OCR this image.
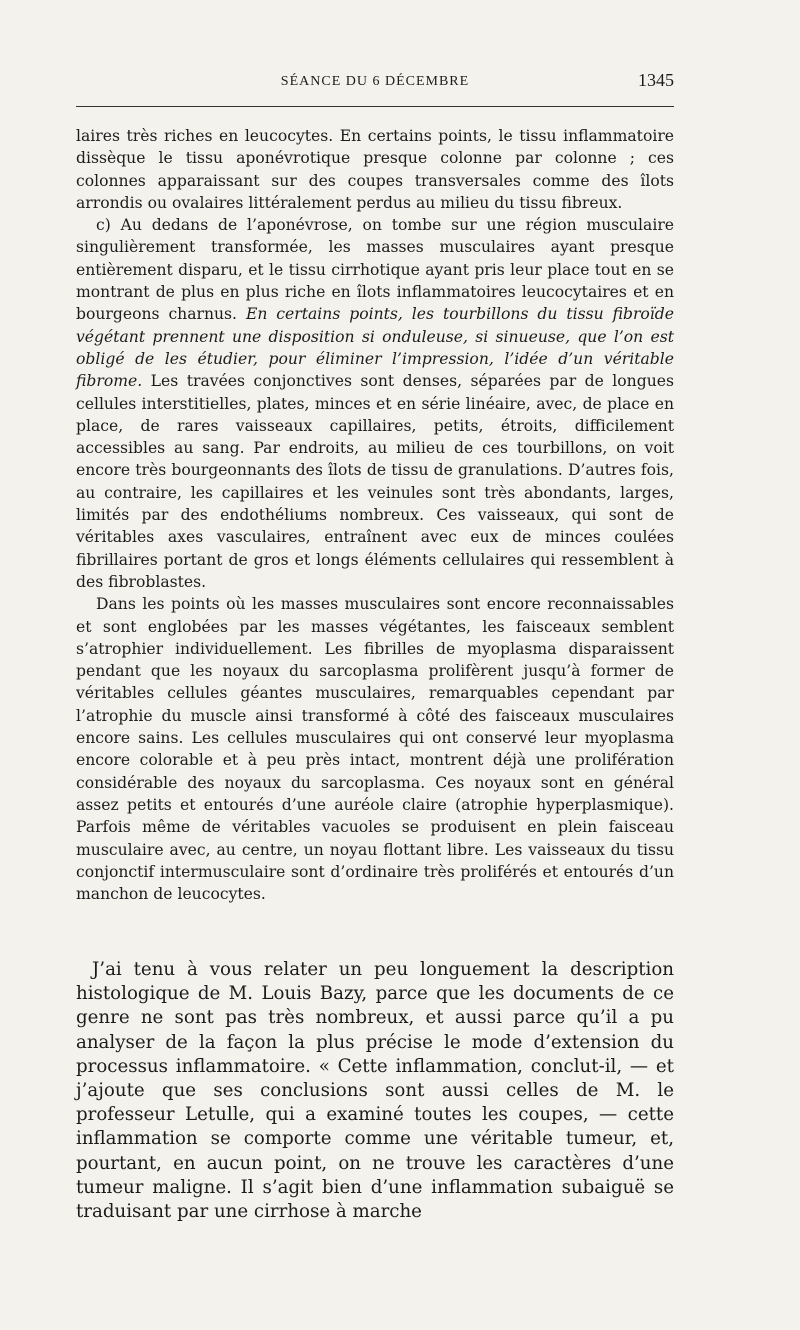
SÉANCE DU 6 DÉCEMBRE	1345

laires très riches en leucocytes. En certains points, le tissu inflammatoire dissèque le tissu aponévrotique presque colonne par colonne ; ces colonnes apparaissant sur des coupes transversales comme des îlots arrondis ou ovalaires littéralement perdus au milieu du tissu fibreux.

c) Au dedans de l’aponévrose, on tombe sur une région musculaire singulièrement transformée, les masses musculaires ayant presque entièrement disparu, et le tissu cirrhotique ayant pris leur place tout en se montrant de plus en plus riche en îlots inflammatoires leucocytaires et en bourgeons charnus. En certains points, les tourbillons du tissu fibroïde végétant prennent une disposition si onduleuse, si sinueuse, que l’on est obligé de les étudier, pour éliminer l’impression, l’idée d’un véritable fibrome. Les travées conjonctives sont denses, séparées par de longues cellules interstitielles, plates, minces et en série linéaire, avec, de place en place, de rares vaisseaux capillaires, petits, étroits, difficilement accessibles au sang. Par endroits, au milieu de ces tourbillons, on voit encore très bourgeonnants des îlots de tissu de granulations. D’autres fois, au contraire, les capillaires et les veinules sont très abondants, larges, limités par des endothéliums nombreux. Ces vaisseaux, qui sont de véritables axes vasculaires, entraînent avec eux de minces coulées fibrillaires portant de gros et longs éléments cellulaires qui ressemblent à des fibroblastes.

Dans les points où les masses musculaires sont encore reconnaissables et sont englobées par les masses végétantes, les faisceaux semblent s’atrophier individuellement. Les fibrilles de myoplasma disparaissent pendant que les noyaux du sarcoplasma prolifèrent jusqu’à former de véritables cellules géantes musculaires, remarquables cependant par l’atrophie du muscle ainsi transformé à côté des faisceaux musculaires encore sains. Les cellules musculaires qui ont conservé leur myoplasma encore colorable et à peu près intact, montrent déjà une prolifération considérable des noyaux du sarcoplasma. Ces noyaux sont en général assez petits et entourés d’une auréole claire (atrophie hyperplasmique). Parfois même de véritables vacuoles se produisent en plein faisceau musculaire avec, au centre, un noyau flottant libre. Les vaisseaux du tissu conjonctif intermusculaire sont d’ordinaire très proliférés et entourés d’un manchon de leucocytes.

J’ai tenu à vous relater un peu longuement la description histologique de M. Louis Bazy, parce que les documents de ce genre ne sont pas très nombreux, et aussi parce qu’il a pu analyser de la façon la plus précise le mode d’extension du processus inflammatoire. « Cette inflammation, conclut-il, — et j’ajoute que ses conclusions sont aussi celles de M. le professeur Letulle, qui a examiné toutes les coupes, — cette inflammation se comporte comme une véritable tumeur, et, pourtant, en aucun point, on ne trouve les caractères d’une tumeur maligne. Il s’agit bien d’une inflammation subaiguë se traduisant par une cirrhose à marche
